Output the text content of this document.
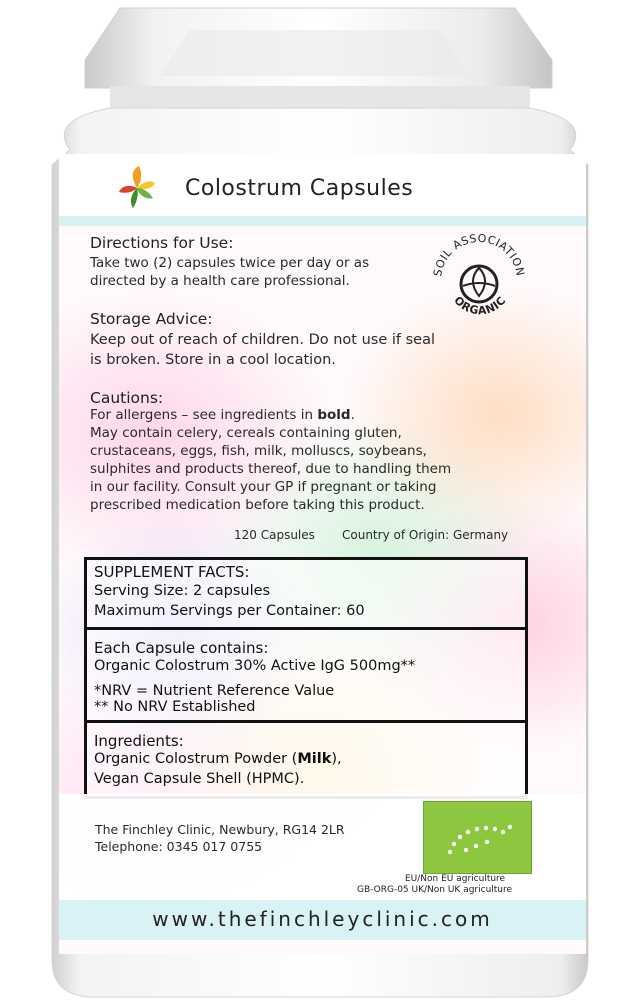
Colostrum Capsules
Directions for Use:
Take two (2) capsules twice per day or as
directed by a health care professional.
SOIL ASSOCIATION
ORGANIC
Storage Advice:
Keep out of reach of children. Do not use if seal
is broken. Store in a cool location.
Cautions:
For allergens – see ingredients in bold.
May contain celery, cereals containing gluten,
crustaceans, eggs, fish, milk, molluscs, soybeans,
sulphites and products thereof, due to handling them
in our facility. Consult your GP if pregnant or taking
prescribed medication before taking this product.
120 Capsules Country of Origin: Germany
SUPPLEMENT FACTS:
Serving Size: 2 capsules
Maximum Servings per Container: 60
Each Capsule contains:
Organic Colostrum 30% Active IgG 500mg**
*NRV = Nutrient Reference Value
** No NRV Established
Ingredients:
Organic Colostrum Powder (Milk),
Vegan Capsule Shell (HPMC).
The Finchley Clinic, Newbury, RG14 2LR
Telephone: 0345 017 0755
EU/Non EU agriculture
GB-ORG-05 UK/Non UK agriculture
www.thefinchleyclinic.com
